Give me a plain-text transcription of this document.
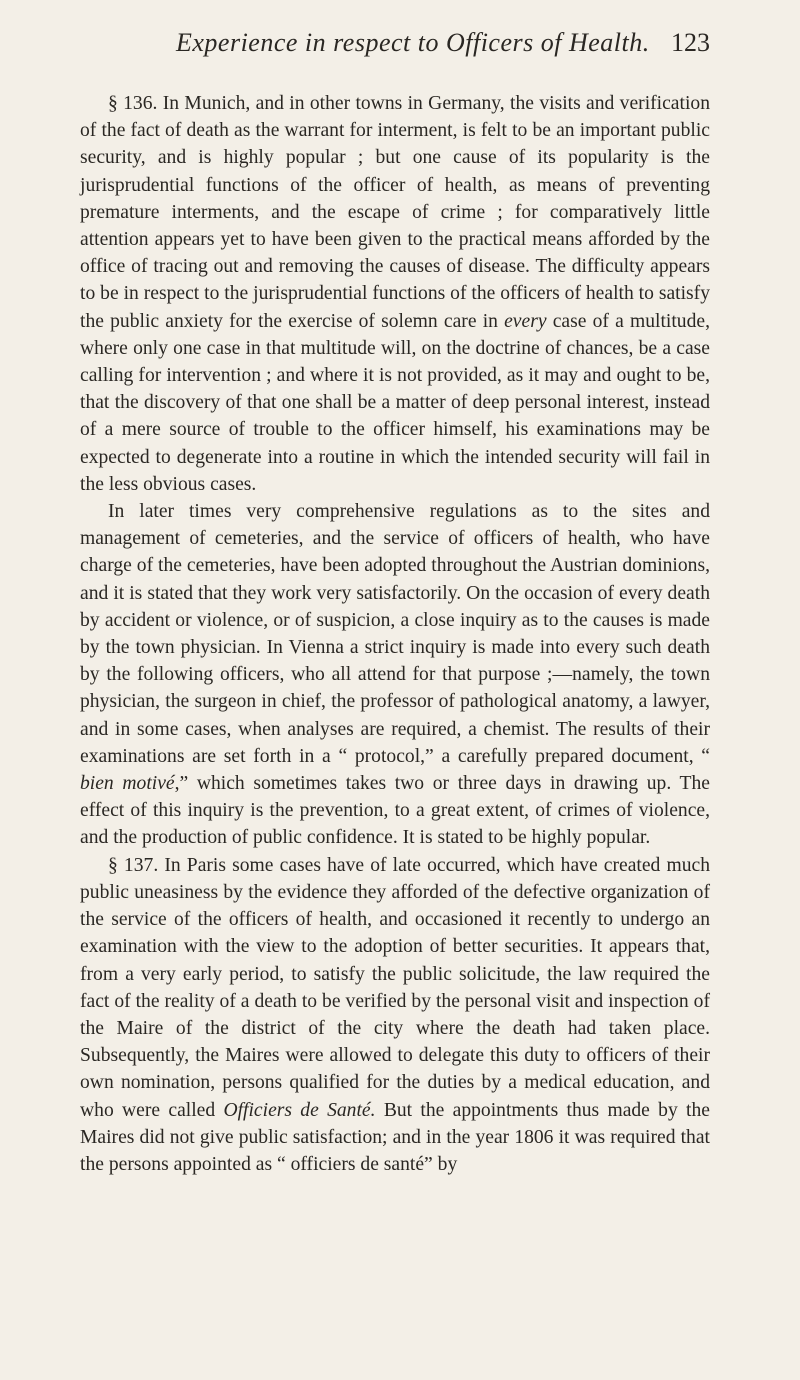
Experience in respect to Officers of Health. 123

§ 136. In Munich, and in other towns in Germany, the visits and verification of the fact of death as the warrant for interment, is felt to be an important public security, and is highly popular ; but one cause of its popularity is the jurisprudential functions of the officer of health, as means of preventing premature interments, and the escape of crime ; for comparatively little attention appears yet to have been given to the practical means afforded by the office of tracing out and removing the causes of disease. The difficulty appears to be in respect to the jurisprudential functions of the officers of health to satisfy the public anxiety for the exercise of solemn care in every case of a multitude, where only one case in that multitude will, on the doctrine of chances, be a case calling for intervention ; and where it is not provided, as it may and ought to be, that the discovery of that one shall be a matter of deep personal interest, instead of a mere source of trouble to the officer himself, his examinations may be expected to degenerate into a routine in which the intended security will fail in the less obvious cases.

In later times very comprehensive regulations as to the sites and management of cemeteries, and the service of officers of health, who have charge of the cemeteries, have been adopted throughout the Austrian dominions, and it is stated that they work very satisfactorily. On the occasion of every death by accident or violence, or of suspicion, a close inquiry as to the causes is made by the town physician. In Vienna a strict inquiry is made into every such death by the following officers, who all attend for that purpose ;—namely, the town physician, the surgeon in chief, the professor of pathological anatomy, a lawyer, and in some cases, when analyses are required, a chemist. The results of their examinations are set forth in a “ protocol,” a carefully prepared document, “ bien motivé,” which sometimes takes two or three days in drawing up. The effect of this inquiry is the prevention, to a great extent, of crimes of violence, and the production of public confidence. It is stated to be highly popular.

§ 137. In Paris some cases have of late occurred, which have created much public uneasiness by the evidence they afforded of the defective organization of the service of the officers of health, and occasioned it recently to undergo an examination with the view to the adoption of better securities. It appears that, from a very early period, to satisfy the public solicitude, the law required the fact of the reality of a death to be verified by the personal visit and inspection of the Maire of the district of the city where the death had taken place. Subsequently, the Maires were allowed to delegate this duty to officers of their own nomination, persons qualified for the duties by a medical education, and who were called Officiers de Santé. But the appointments thus made by the Maires did not give public satisfaction; and in the year 1806 it was required that the persons appointed as “ officiers de santé” by
